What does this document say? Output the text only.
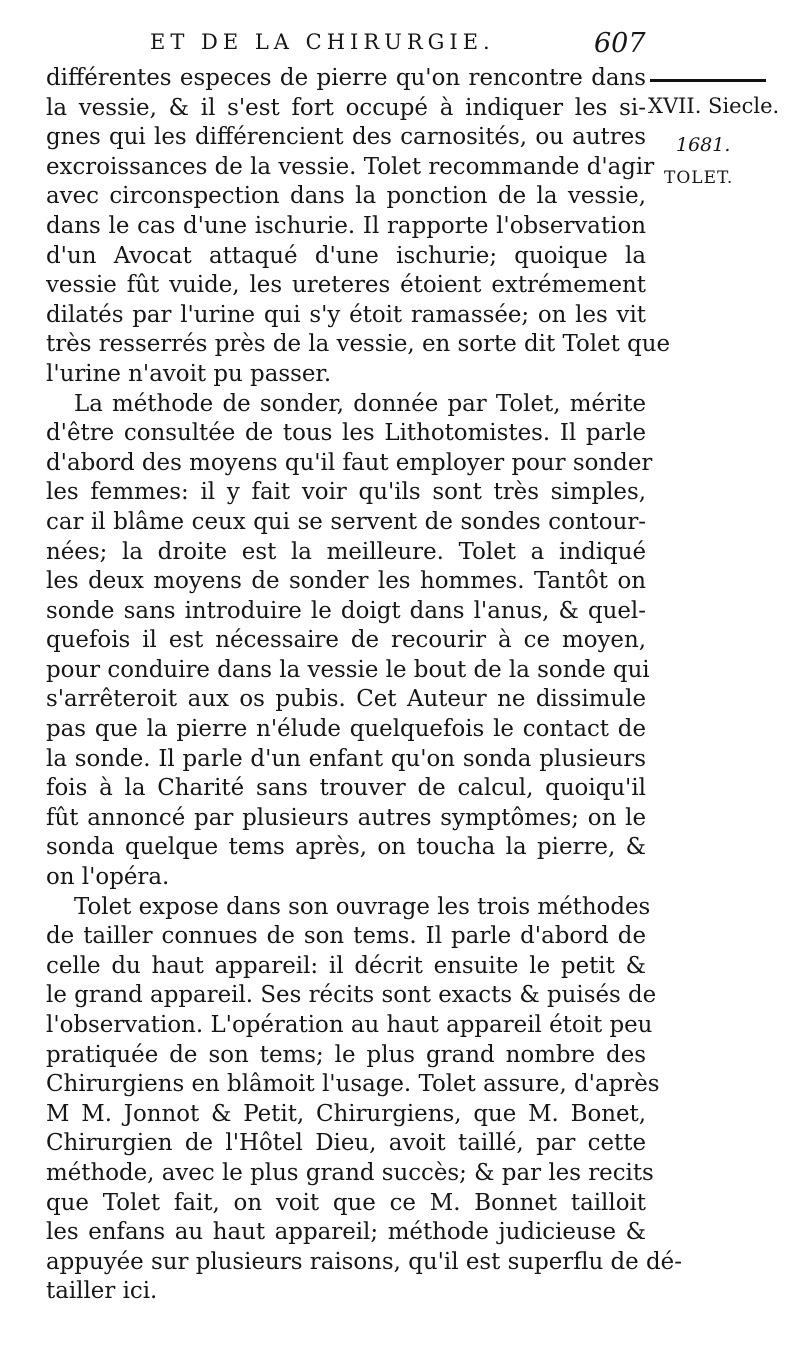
ET DE LA CHIRURGIE.	607
XVII. Siecle.
1681.
TOLET.
différentes especes de pierre qu'on rencontre dans
la vessie, & il s'est fort occupé à indiquer les si-
gnes qui les différencient des carnosités, ou autres
excroissances de la vessie. Tolet recommande d'agir
avec circonspection dans la ponction de la vessie,
dans le cas d'une ischurie. Il rapporte l'observation
d'un Avocat attaqué d'une ischurie; quoique la
vessie fût vuide, les ureteres étoient extrémement
dilatés par l'urine qui s'y étoit ramassée; on les vit
très resserrés près de la vessie, en sorte dit Tolet que
l'urine n'avoit pu passer.
La méthode de sonder, donnée par Tolet, mérite
d'être consultée de tous les Lithotomistes. Il parle
d'abord des moyens qu'il faut employer pour sonder
les femmes: il y fait voir qu'ils sont très simples,
car il blâme ceux qui se servent de sondes contour-
nées; la droite est la meilleure. Tolet a indiqué
les deux moyens de sonder les hommes. Tantôt on
sonde sans introduire le doigt dans l'anus, & quel-
quefois il est nécessaire de recourir à ce moyen,
pour conduire dans la vessie le bout de la sonde qui
s'arrêteroit aux os pubis. Cet Auteur ne dissimule
pas que la pierre n'élude quelquefois le contact de
la sonde. Il parle d'un enfant qu'on sonda plusieurs
fois à la Charité sans trouver de calcul, quoiqu'il
fût annoncé par plusieurs autres symptômes; on le
sonda quelque tems après, on toucha la pierre, &
on l'opéra.
Tolet expose dans son ouvrage les trois méthodes
de tailler connues de son tems. Il parle d'abord de
celle du haut appareil: il décrit ensuite le petit &
le grand appareil. Ses récits sont exacts & puisés de
l'observation. L'opération au haut appareil étoit peu
pratiquée de son tems; le plus grand nombre des
Chirurgiens en blâmoit l'usage. Tolet assure, d'après
M M. Jonnot & Petit, Chirurgiens, que M. Bonet,
Chirurgien de l'Hôtel Dieu, avoit taillé, par cette
méthode, avec le plus grand succès; & par les recits
que Tolet fait, on voit que ce M. Bonnet tailloit
les enfans au haut appareil; méthode judicieuse &
appuyée sur plusieurs raisons, qu'il est superflu de dé-
tailler ici.
